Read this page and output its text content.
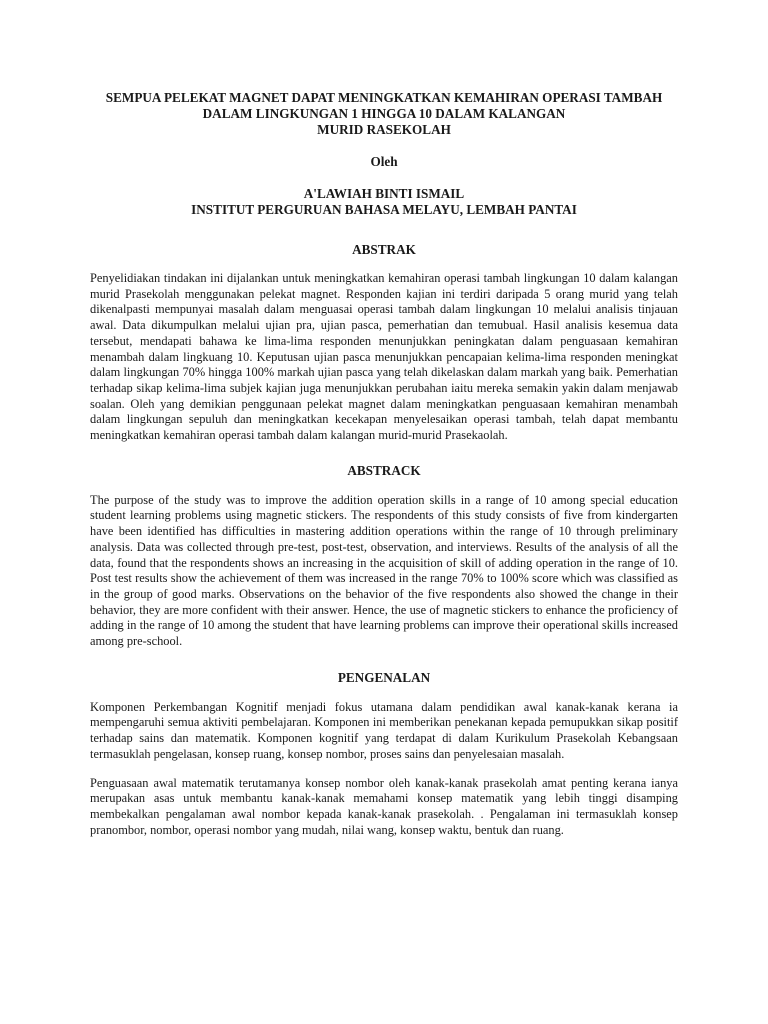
SEMPUA PELEKAT MAGNET DAPAT MENINGKATKAN KEMAHIRAN OPERASI TAMBAH

DALAM LINGKUNGAN 1 HINGGA 10 DALAM KALANGAN

MURID RASEKOLAH

Oleh

A'LAWIAH BINTI ISMAIL

INSTITUT PERGURUAN BAHASA MELAYU, LEMBAH PANTAI

ABSTRAK

Penyelidiakan tindakan ini dijalankan untuk meningkatkan kemahiran operasi tambah lingkungan 10 dalam kalangan murid Prasekolah menggunakan pelekat magnet. Responden kajian ini terdiri daripada 5 orang murid yang telah dikenalpasti mempunyai masalah dalam menguasai operasi tambah dalam lingkungan 10 melalui analisis tinjauan awal. Data dikumpulkan melalui ujian pra, ujian pasca, pemerhatian dan temubual. Hasil analisis kesemua data tersebut, mendapati bahawa ke lima-lima responden menunjukkan peningkatan dalam penguasaan kemahiran menambah dalam lingkuang 10. Keputusan ujian pasca menunjukkan pencapaian kelima-lima responden meningkat dalam lingkungan 70% hingga 100% markah ujian pasca yang telah dikelaskan dalam markah yang baik. Pemerhatian terhadap sikap kelima-lima subjek kajian juga menunjukkan perubahan iaitu mereka semakin yakin dalam menjawab soalan. Oleh yang demikian penggunaan pelekat magnet dalam meningkatkan penguasaan kemahiran menambah dalam lingkungan sepuluh dan meningkatkan kecekapan menyelesaikan operasi tambah, telah dapat membantu meningkatkan kemahiran operasi tambah dalam kalangan murid-murid Prasekaolah.

ABSTRACK

The purpose of the study was to improve the addition operation skills in a range of 10 among special education student learning problems using magnetic stickers. The respondents of this study consists of five from kindergarten have been identified has difficulties in mastering addition operations within the range of 10 through preliminary analysis. Data was collected through pre-test, post-test, observation, and interviews. Results of the analysis of all the data, found that the respondents shows an increasing in the acquisition of skill of adding operation in the range of 10. Post test results show the achievement of them was increased in the range 70% to 100% score which was classified as in the group of good marks. Observations on the behavior of the five respondents also showed the change in their behavior, they are more confident with their answer. Hence, the use of magnetic stickers to enhance the proficiency of adding in the range of 10 among the student that have learning problems can improve their operational skills increased among pre-school.

PENGENALAN

Komponen Perkembangan Kognitif menjadi fokus utamana dalam pendidikan awal kanak-kanak kerana ia mempengaruhi semua aktiviti pembelajaran. Komponen ini memberikan penekanan kepada pemupukkan sikap positif terhadap sains dan matematik. Komponen kognitif yang terdapat di dalam Kurikulum Prasekolah Kebangsaan termasuklah pengelasan, konsep ruang, konsep nombor, proses sains dan penyelesaian masalah.

Penguasaan awal matematik terutamanya konsep nombor oleh kanak-kanak prasekolah amat penting kerana ianya merupakan asas untuk membantu kanak-kanak memahami konsep matematik yang lebih tinggi disamping membekalkan pengalaman awal nombor kepada kanak-kanak prasekolah. . Pengalaman ini termasuklah konsep pranombor, nombor, operasi nombor yang mudah, nilai wang, konsep waktu, bentuk dan ruang.
